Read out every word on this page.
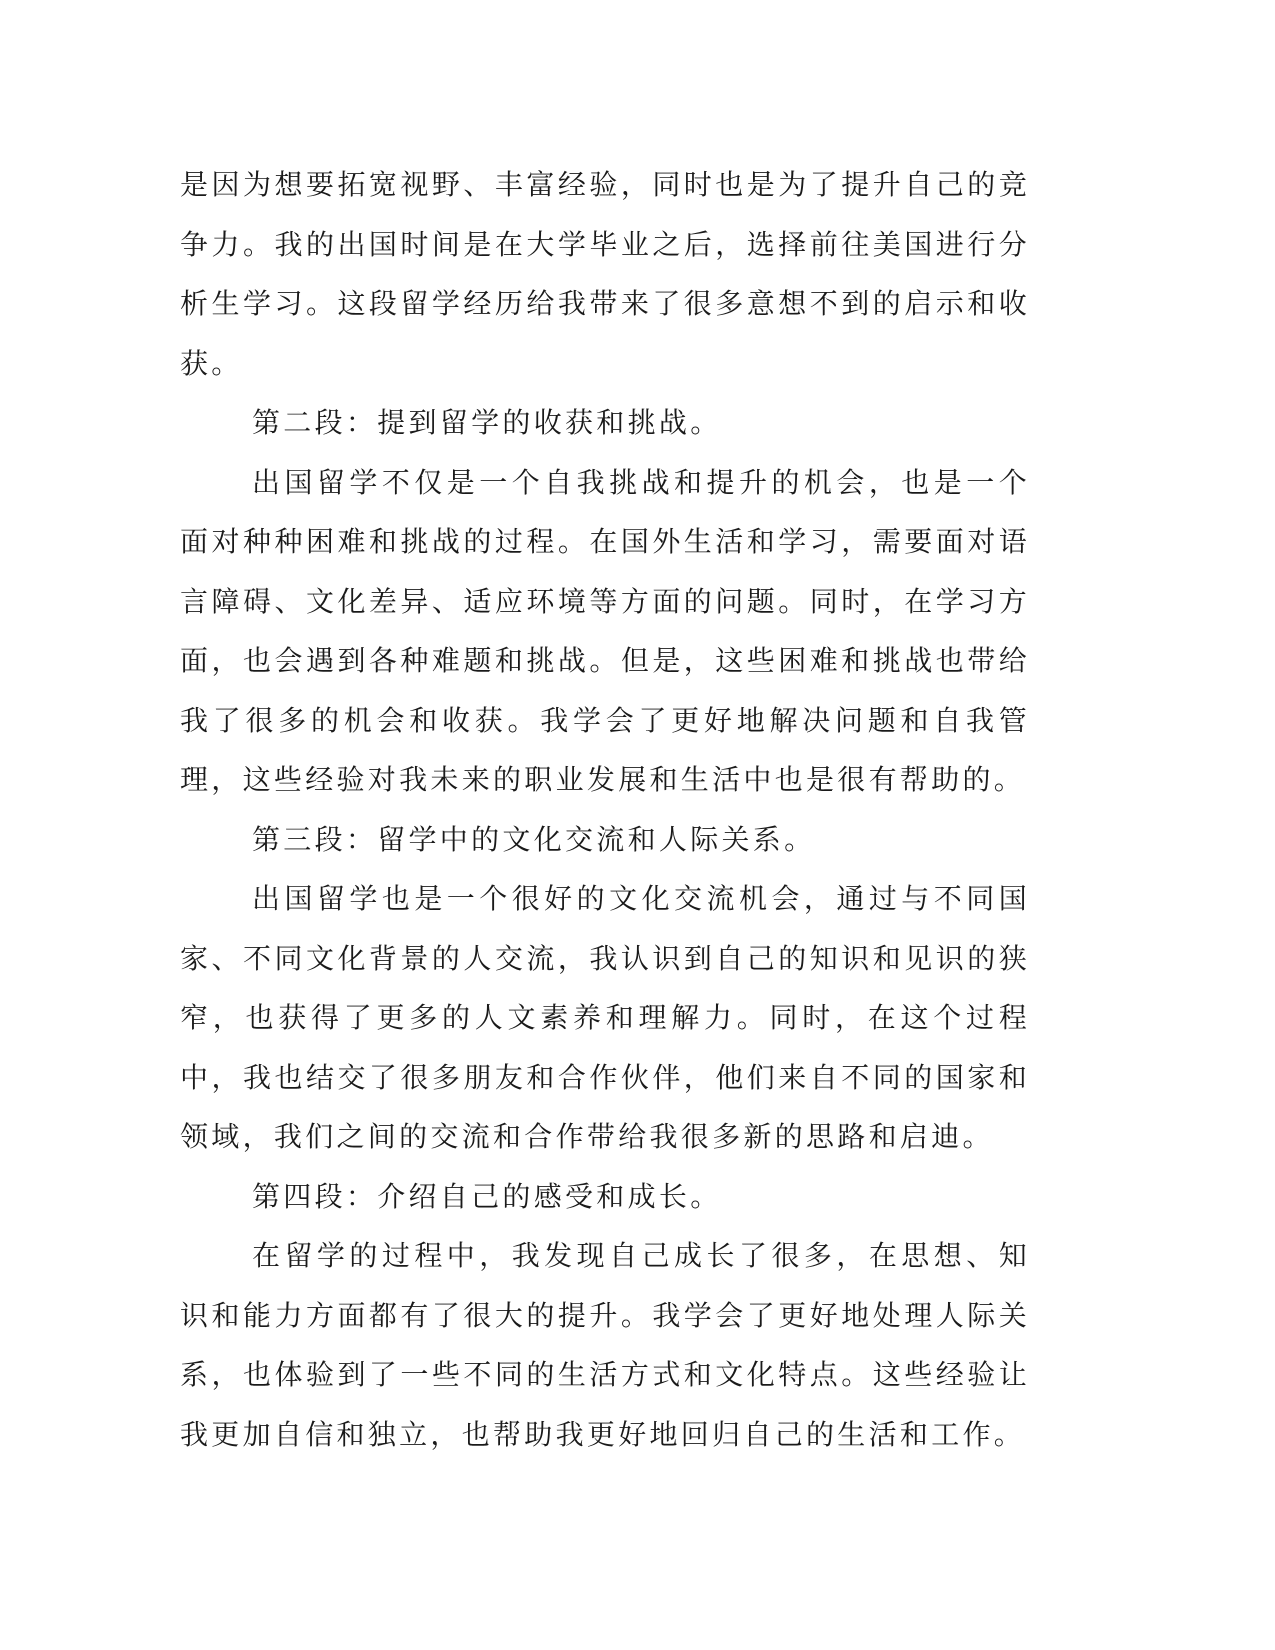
是因为想要拓宽视野、丰富经验，同时也是为了提升自己的竞争力。我的出国时间是在大学毕业之后，选择前往美国进行分析生学习。这段留学经历给我带来了很多意想不到的启示和收获。

第二段：提到留学的收获和挑战。

出国留学不仅是一个自我挑战和提升的机会，也是一个面对种种困难和挑战的过程。在国外生活和学习，需要面对语言障碍、文化差异、适应环境等方面的问题。同时，在学习方面，也会遇到各种难题和挑战。但是，这些困难和挑战也带给我了很多的机会和收获。我学会了更好地解决问题和自我管理，这些经验对我未来的职业发展和生活中也是很有帮助的。

第三段：留学中的文化交流和人际关系。

出国留学也是一个很好的文化交流机会，通过与不同国家、不同文化背景的人交流，我认识到自己的知识和见识的狭窄，也获得了更多的人文素养和理解力。同时，在这个过程中，我也结交了很多朋友和合作伙伴，他们来自不同的国家和领域，我们之间的交流和合作带给我很多新的思路和启迪。

第四段：介绍自己的感受和成长。

在留学的过程中，我发现自己成长了很多，在思想、知识和能力方面都有了很大的提升。我学会了更好地处理人际关系，也体验到了一些不同的生活方式和文化特点。这些经验让我更加自信和独立，也帮助我更好地回归自己的生活和工作。
